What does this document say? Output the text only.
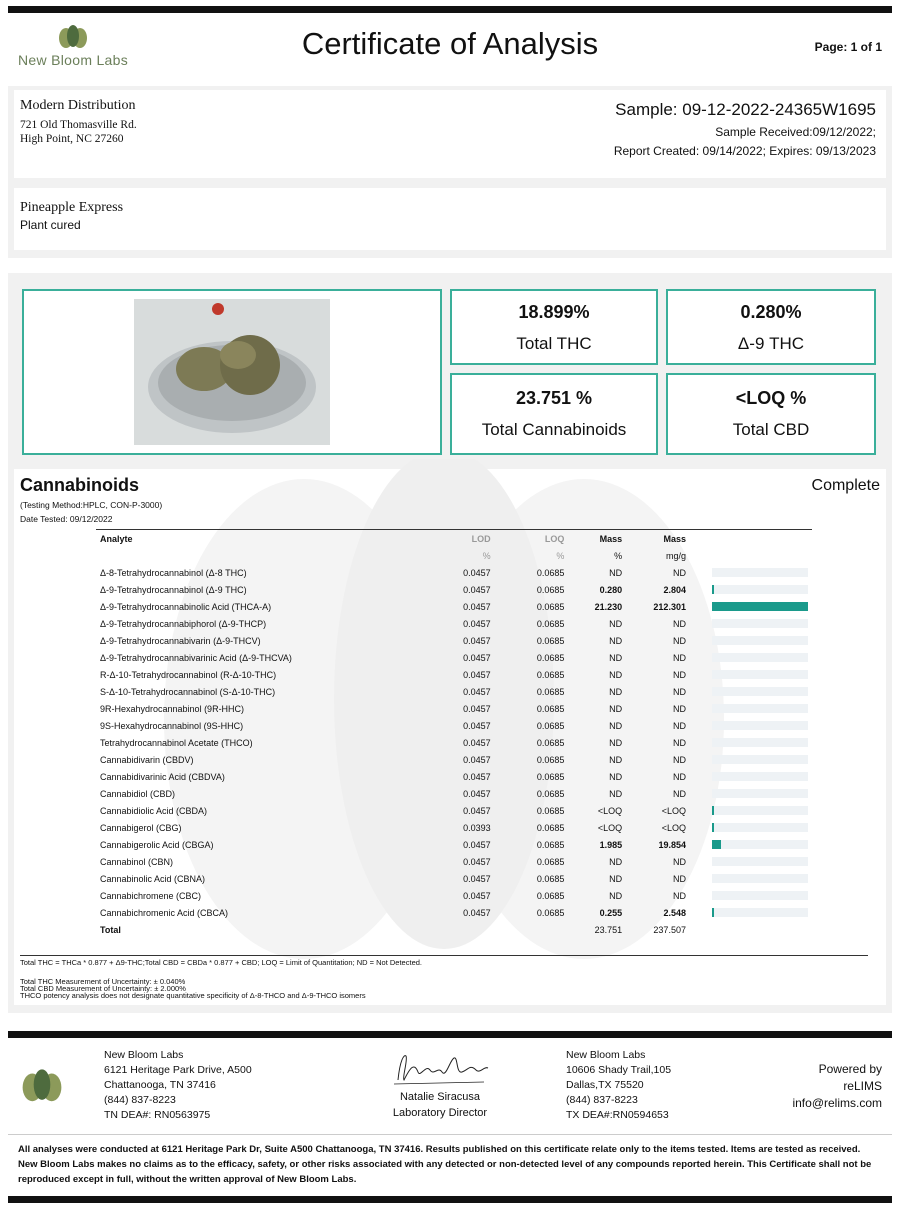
New Bloom Labs	Certificate of Analysis	Page: 1 of 1
Modern Distribution
721 Old Thomasville Rd.
High Point, NC 27260
Sample: 09-12-2022-24365W1695
Sample Received:09/12/2022;
Report Created: 09/14/2022; Expires: 09/13/2023
Pineapple Express
Plant cured
18.899%
Total THC
0.280%
Δ-9 THC
23.751 %
Total Cannabinoids
<LOQ %
Total CBD
Cannabinoids	Complete
(Testing Method:HPLC, CON-P-3000)
Date Tested: 09/12/2022
Analyte	LOD	LOQ	Mass	Mass	
	%	%	%	mg/g	
Δ-8-Tetrahydrocannabinol (Δ-8 THC)	0.0457	0.0685	ND	ND	

Δ-9-Tetrahydrocannabinol (Δ-9 THC)	0.0457	0.0685	0.280	2.804	

Δ-9-Tetrahydrocannabinolic Acid (THCA-A)	0.0457	0.0685	21.230	212.301	

Δ-9-Tetrahydrocannabiphorol (Δ-9-THCP)	0.0457	0.0685	ND	ND	

Δ-9-Tetrahydrocannabivarin (Δ-9-THCV)	0.0457	0.0685	ND	ND	

Δ-9-Tetrahydrocannabivarinic Acid (Δ-9-THCVA)	0.0457	0.0685	ND	ND	

R-Δ-10-Tetrahydrocannabinol (R-Δ-10-THC)	0.0457	0.0685	ND	ND	

S-Δ-10-Tetrahydrocannabinol (S-Δ-10-THC)	0.0457	0.0685	ND	ND	

9R-Hexahydrocannabinol (9R-HHC)	0.0457	0.0685	ND	ND	

9S-Hexahydrocannabinol (9S-HHC)	0.0457	0.0685	ND	ND	

Tetrahydrocannabinol Acetate (THCO)	0.0457	0.0685	ND	ND	

Cannabidivarin (CBDV)	0.0457	0.0685	ND	ND	

Cannabidivarinic Acid (CBDVA)	0.0457	0.0685	ND	ND	

Cannabidiol (CBD)	0.0457	0.0685	ND	ND	

Cannabidiolic Acid (CBDA)	0.0457	0.0685	<LOQ	<LOQ	

Cannabigerol (CBG)	0.0393	0.0685	<LOQ	<LOQ	

Cannabigerolic Acid (CBGA)	0.0457	0.0685	1.985	19.854	

Cannabinol (CBN)	0.0457	0.0685	ND	ND	

Cannabinolic Acid (CBNA)	0.0457	0.0685	ND	ND	

Cannabichromene (CBC)	0.0457	0.0685	ND	ND	

Cannabichromenic Acid (CBCA)	0.0457	0.0685	0.255	2.548	

Total			23.751	237.507	
Total THC = THCa * 0.877 + Δ9-THC;Total CBD = CBDa * 0.877 + CBD; LOQ = Limit of Quantitation; ND = Not Detected.
Total THC Measurement of Uncertainty: ± 0.040%
Total CBD Measurement of Uncertainty: ± 2.000%
THCO potency analysis does not designate quantitative specificity of Δ-8-THCO and Δ-9-THCO isomers
New Bloom Labs
6121 Heritage Park Drive, A500
Chattanooga, TN 37416
(844) 837-8223
TN DEA#: RN0563975
Natalie Siracusa
Laboratory Director
New Bloom Labs
10606 Shady Trail,105
Dallas,TX 75520
(844) 837-8223
TX DEA#:RN0594653
Powered by
reLIMS
info@relims.com
All analyses were conducted at 6121 Heritage Park Dr, Suite A500 Chattanooga, TN 37416. Results published on this certificate relate only to the items tested. Items are tested as received. New Bloom Labs makes no claims as to the efficacy, safety, or other risks associated with any detected or non-detected level of any compounds reported herein. This Certificate shall not be reproduced except in full, without the written approval of New Bloom Labs.
